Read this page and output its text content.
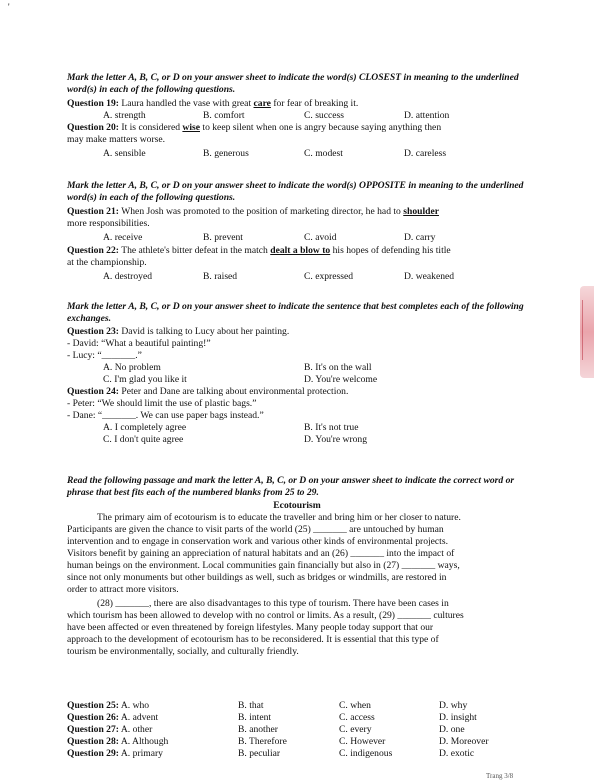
'
Mark the letter A, B, C, or D on your answer sheet to indicate the word(s) CLOSEST in meaning to the underlined word(s) in each of the following questions.
Question 19: Laura handled the vase with great care for fear of breaking it.
A. strength	B. comfort	C. success	D. attention
Question 20: It is considered wise to keep silent when one is angry because saying anything then
may make matters worse.
A. sensible	B. generous	C. modest	D. careless
Mark the letter A, B, C, or D on your answer sheet to indicate the word(s) OPPOSITE in meaning to the underlined word(s) in each of the following questions.
Question 21: When Josh was promoted to the position of marketing director, he had to shoulder
more responsibilities.
A. receive	B. prevent	C. avoid	D. carry
Question 22: The athlete's bitter defeat in the match dealt a blow to his hopes of defending his title
at the championship.
A. destroyed	B. raised	C. expressed	D. weakened
Mark the letter A, B, C, or D on your answer sheet to indicate the sentence that best completes each of the following exchanges.
Question 23: David is talking to Lucy about her painting.
- David: “What a beautiful painting!”
- Lucy: “_______.”
A. No problem	B. It's on the wall
C. I'm glad you like it	D. You're welcome
Question 24: Peter and Dane are talking about environmental protection.
- Peter: “We should limit the use of plastic bags.”
- Dane: “_______. We can use paper bags instead.”
A. I completely agree	B. It's not true
C. I don't quite agree	D. You're wrong
Read the following passage and mark the letter A, B, C, or D on your answer sheet to indicate the correct word or phrase that best fits each of the numbered blanks from 25 to 29.
Ecotourism
The primary aim of ecotourism is to educate the traveller and bring him or her closer to nature.
Participants are given the chance to visit parts of the world (25) _______ are untouched by human
intervention and to engage in conservation work and various other kinds of environmental projects.
Visitors benefit by gaining an appreciation of natural habitats and an (26) _______ into the impact of
human beings on the environment. Local communities gain financially but also in (27) _______ ways,
since not only monuments but other buildings as well, such as bridges or windmills, are restored in
order to attract more visitors.
(28) _______, there are also disadvantages to this type of tourism. There have been cases in
which tourism has been allowed to develop with no control or limits. As a result, (29) _______ cultures
have been affected or even threatened by foreign lifestyles. Many people today support that our
approach to the development of ecotourism has to be reconsidered. It is essential that this type of
tourism be environmentally, socially, and culturally friendly.
Question 25: A. who	B. that	C. when	D. why
Question 26: A. advent	B. intent	C. access	D. insight
Question 27: A. other	B. another	C. every	D. one
Question 28: A. Although	B. Therefore	C. However	D. Moreover
Question 29: A. primary	B. peculiar	C. indigenous	D. exotic
Trang 3/8
